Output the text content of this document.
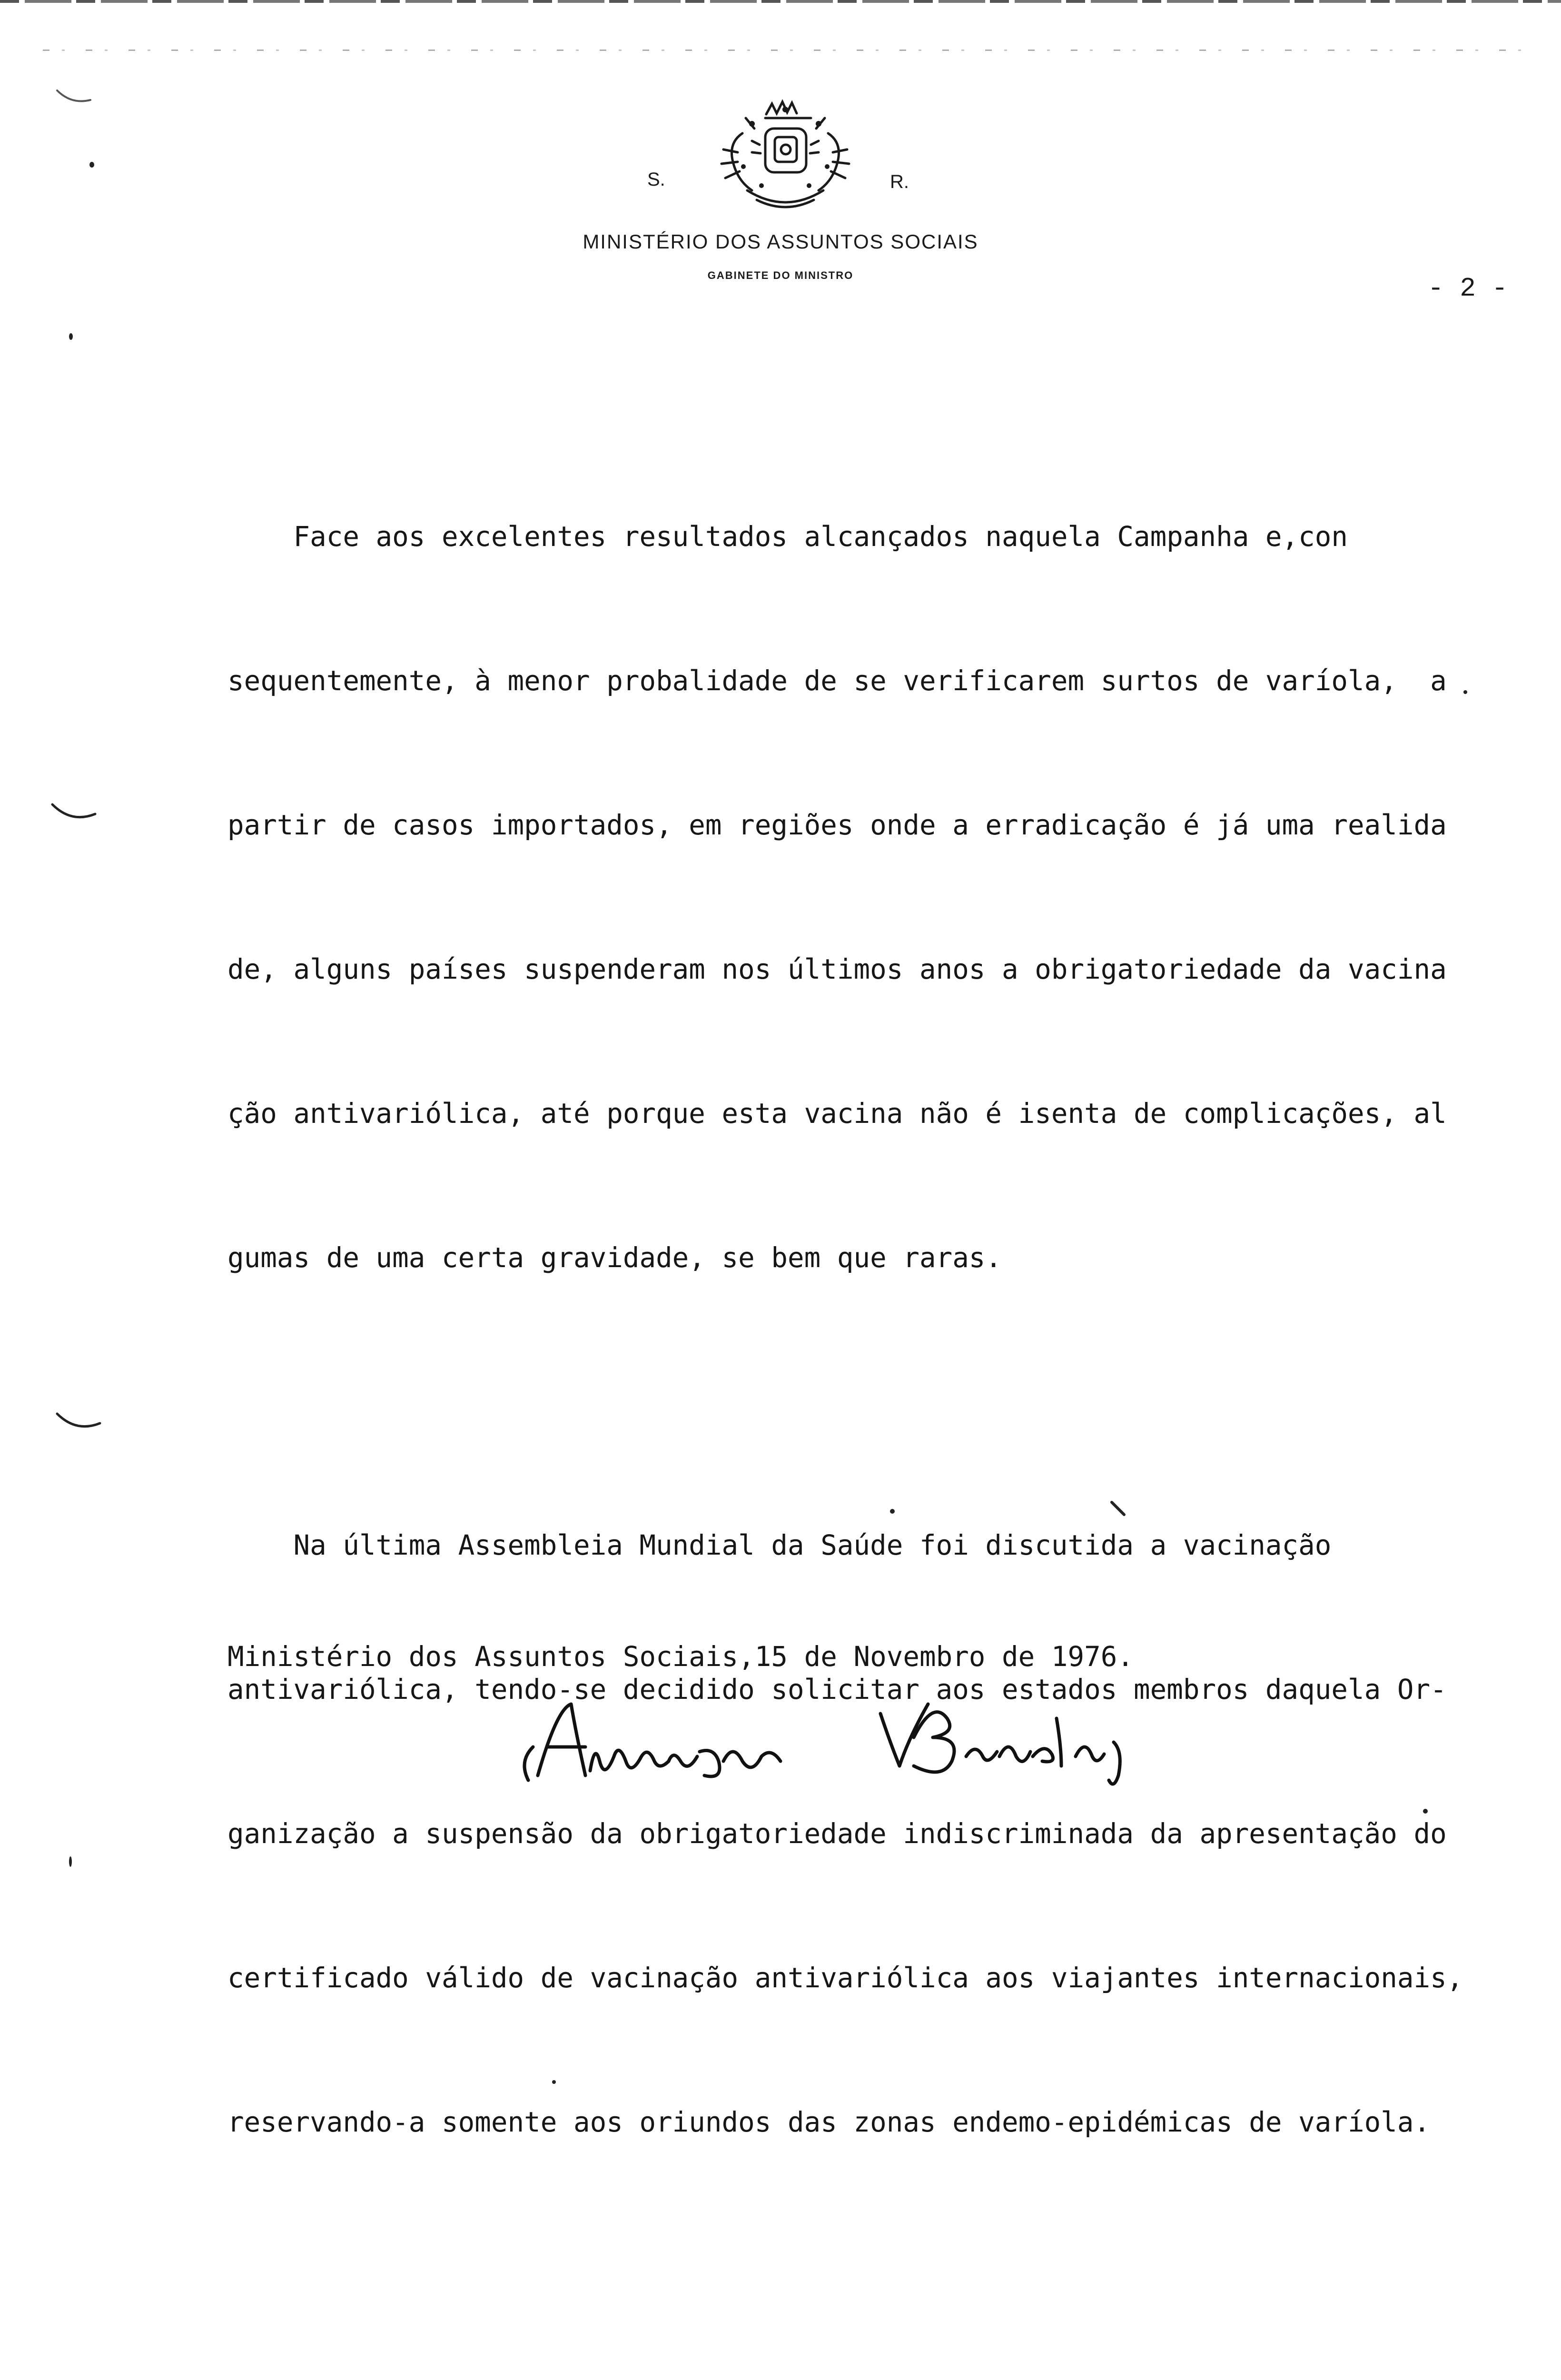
S.	R.
MINISTÉRIO DOS ASSUNTOS SOCIAIS
GABINETE DO MINISTRO	- 2 -

Face aos excelentes resultados alcançados naquela Campanha e,con

sequentemente, à menor probalidade de se verificarem surtos de varíola,  a

partir de casos importados, em regiões onde a erradicação é já uma realida

de, alguns países suspenderam nos últimos anos a obrigatoriedade da vacina

ção antivariólica, até porque esta vacina não é isenta de complicações, al

gumas de uma certa gravidade, se bem que raras.

Na última Assembleia Mundial da Saúde foi discutida a vacinação

antivariólica, tendo-se decidido solicitar aos estados membros daquela Or-

ganização a suspensão da obrigatoriedade indiscriminada da apresentação do

certificado válido de vacinação antivariólica aos viajantes internacionais,

reservando-a somente aos oriundos das zonas endemo-epidémicas de varíola.

Ministério dos Assuntos Sociais,15 de Novembro de 1976.
